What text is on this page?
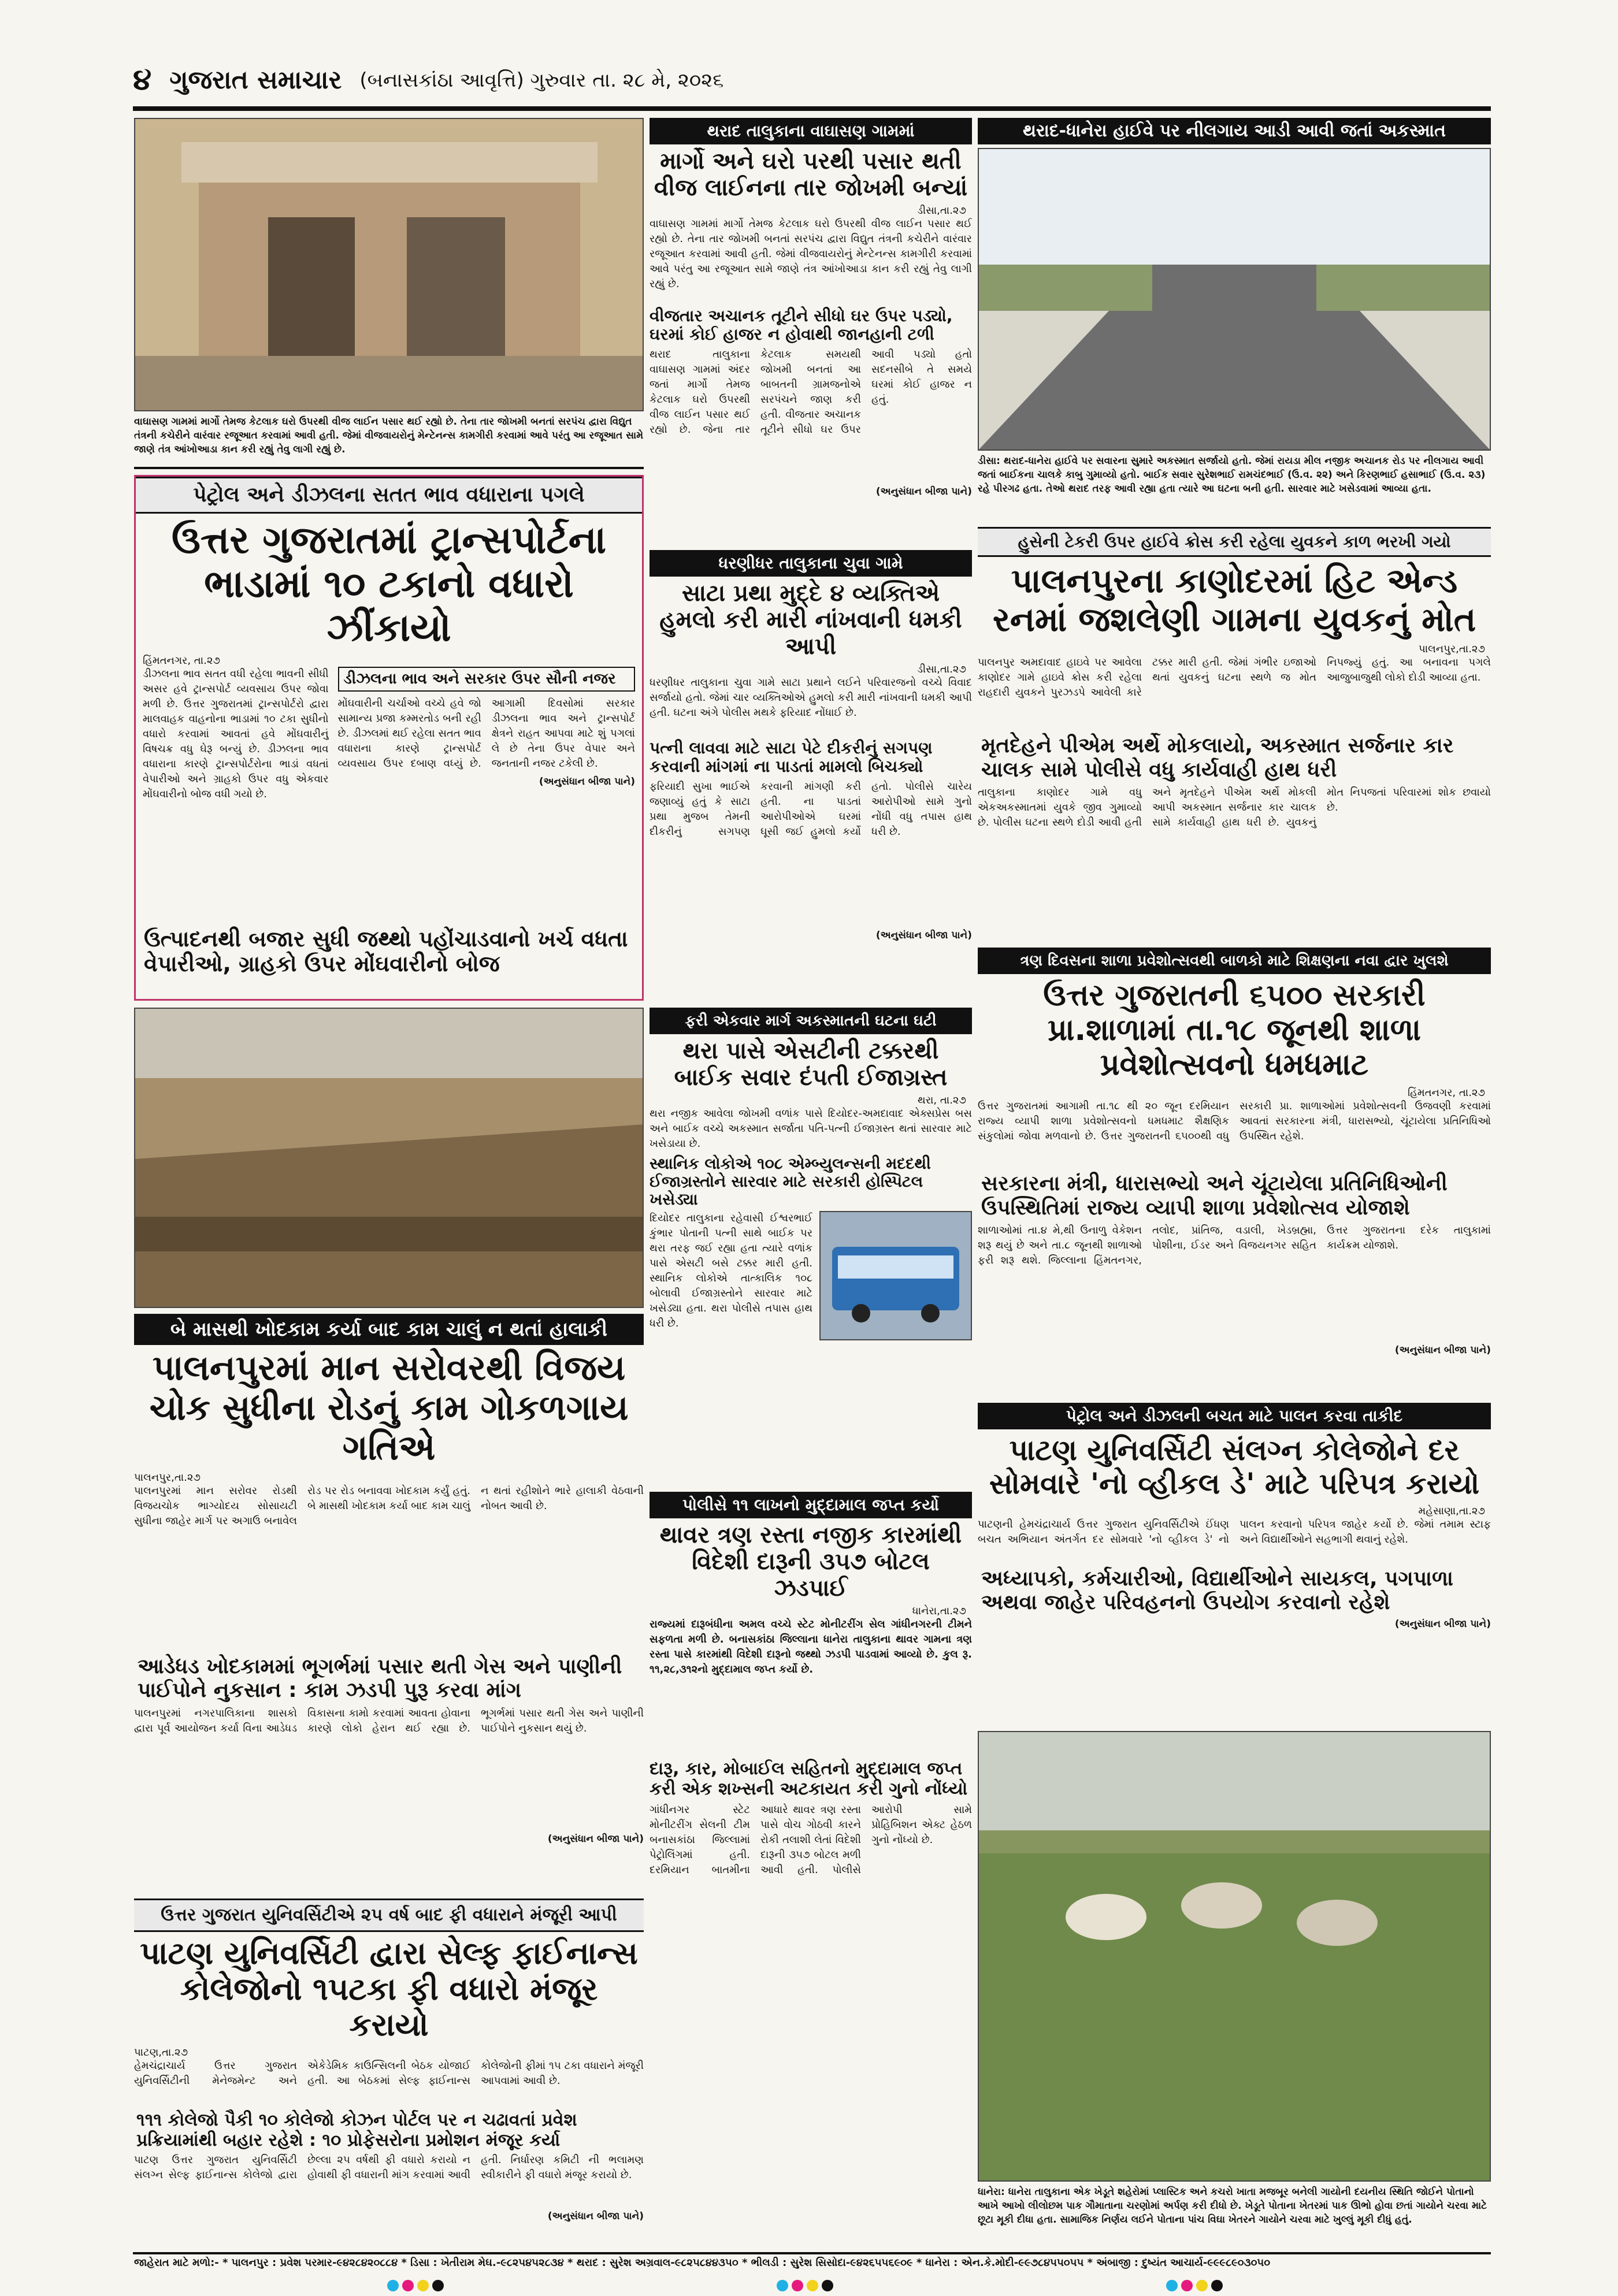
૪ ગુજરાત સમાચાર (બનાસકાંઠા આવૃત્તિ) ગુરુવાર તા. ૨૮ મે, ૨૦૨૬
વાઘાસણ ગામમાં માર્ગો તેમજ કેટલાક ઘરો ઉપરથી વીજ લાઈન પસાર થઈ રહ્યો છે. તેના તાર જોખમી બનતાં સરપંચ દ્વારા વિદ્યુત તંત્રની કચેરીને વારંવાર રજૂઆત કરવામાં આવી હતી. જેમાં વીજવાયરોનું મેન્ટેનન્સ કામગીરી કરવામાં આવે પરંતુ આ રજૂઆત સામે જાણે તંત્ર આંખોઆડા કાન કરી રહ્યું તેવુ લાગી રહ્યું છે.
પેટ્રોલ અને ડીઝલના સતત ભાવ વધારાના પગલે
ઉત્તર ગુજરાતમાં ટ્રાન્સપોર્ટના ભાડામાં ૧૦ ટકાનો વધારો ઝીંકાયો
હિંમતનગર, તા.૨૭
ડીઝલના ભાવ સતત વધી રહેલા ભાવની સીધી અસર હવે ટ્રાન્સપોર્ટ વ્યવસાય ઉપર જોવા મળી છે. ઉત્તર ગુજરાતમાં ટ્રાન્સપોર્ટરો દ્વારા માલવાહક વાહનોના ભાડામાં ૧૦ ટકા સુધીનો વધારો કરવામાં આવતાં હવે મોંઘવારીનું વિષચક્ર વધુ ઘેરૂ બન્યું છે. ડીઝલના ભાવ વધારાના કારણે ટ્રાન્સપોર્ટરોના ભાડાં વધતાં વેપારીઓ અને ગ્રાહકો ઉપર વધુ એકવાર મોંઘવારીનો બોજ વધી ગયો છે.
ડીઝલના ભાવ અને સરકાર ઉપર સૌની નજર
મોંઘવારીની ચર્ચાઓ વચ્ચે હવે જો સામાન્ય પ્રજા કમ્મરતોડ બની રહી છે. ડીઝલમાં થઈ રહેલા સતત ભાવ વધારાના કારણે ટ્રાન્સપોર્ટ વ્યવસાય ઉપર દબાણ વધ્યું છે. આગામી દિવસોમાં સરકાર ડીઝલના ભાવ અને ટ્રાન્સપોર્ટ ક્ષેત્રને રાહત આપવા માટે શું પગલાં લે છે તેના ઉપર વેપાર અને જનતાની નજર ટકેલી છે.
(અનુસંધાન બીજા પાને)
ઉત્પાદનથી બજાર સુધી જથ્થો પહોંચાડવાનો ખર્ચ વધતા વેપારીઓ, ગ્રાહકો ઉપર મોંઘવારીનો બોજ
બે માસથી ખોદકામ કર્યા બાદ કામ ચાલું ન થતાં હાલાકી
પાલનપુરમાં માન સરોવરથી વિજય ચોક સુધીના રોડનું કામ ગોકળગાય ગતિએ
પાલનપુર,તા.૨૭
પાલનપુરમાં માન સરોવર રોડથી વિજયચોક ભાગ્યોદય સોસાયટી સુધીના જાહેર માર્ગ પર અગાઉ બનાવેલ રોડ પર રોડ બનાવવા ખોદકામ કર્યું હતું. બે માસથી ખોદકામ કર્યા બાદ કામ ચાલું ન થતાં રહીશોને ભારે હાલાકી વેઠવાની નોબત આવી છે.
આડેધડ ખોદકામમાં ભૂગર્ભમાં પસાર થતી ગેસ અને પાણીની પાઈપોને નુકસાન : કામ ઝડપી પુરૂ કરવા માંગ
પાલનપુરમાં નગરપાલિકાના શાસકો દ્વારા પૂર્વ આયોજન કર્યા વિના આડેધડ વિકાસના કામો કરવામાં આવતા હોવાના કારણે લોકો હેરાન થઈ રહ્યા છે. ભૂગર્ભમાં પસાર થતી ગેસ અને પાણીની પાઈપોને નુકસાન થયું છે.
(અનુસંધાન બીજા પાને)
ઉત્તર ગુજરાત યુનિવર્સિટીએ ૨૫ વર્ષ બાદ ફી વધારાને મંજૂરી આપી
પાટણ યુનિવર્સિટી દ્વારા સેલ્ફ ફાઈનાન્સ કોલેજોનો ૧૫ટકા ફી વધારો મંજૂર કરાયો
પાટણ,તા.૨૭
હેમચંદ્રાચાર્ય ઉત્તર ગુજરાત યુનિવર્સિટીની મેનેજમેન્ટ અને એકેડેમિક કાઉન્સિલની બેઠક યોજાઈ હતી. આ બેઠકમાં સેલ્ફ ફાઈનાન્સ કોલેજોની ફીમાં ૧૫ ટકા વધારાને મંજૂરી આપવામાં આવી છે.
૧૧૧ કોલેજો પૈકી ૧૦ કોલેજો કોઝન પોર્ટલ પર ન ચઢાવતાં પ્રવેશ પ્રક્રિયામાંથી બહાર રહેશે : ૧૦ પ્રોફેસરોના પ્રમોશન મંજૂર કર્યા
પાટણ ઉત્તર ગુજરાત યુનિવર્સિટી સંલગ્ન સેલ્ફ ફાઈનાન્સ કોલેજો દ્વારા છેલ્લા ૨૫ વર્ષથી ફી વધારો કરાયો ન હોવાથી ફી વધારાની માંગ કરવામાં આવી હતી. નિર્ધારણ કમિટી ની ભલામણ સ્વીકારીને ફી વધારો મંજૂર કરાયો છે.
(અનુસંધાન બીજા પાને)
થરાદ તાલુકાના વાઘાસણ ગામમાં
માર્ગો અને ઘરો પરથી પસાર થતી વીજ લાઈનના તાર જોખમી બન્યાં
ડીસા,તા.૨૭
વાઘાસણ ગામમાં માર્ગો તેમજ કેટલાક ઘરો ઉપરથી વીજ લાઈન પસાર થઈ રહ્યો છે. તેના તાર જોખમી બનતાં સરપંચ દ્વારા વિદ્યુત તંત્રની કચેરીને વારંવાર રજૂઆત કરવામાં આવી હતી. જેમાં વીજવાયરોનું મેન્ટેનન્સ કામગીરી કરવામાં આવે પરંતુ આ રજૂઆત સામે જાણે તંત્ર આંખોઆડા કાન કરી રહ્યું તેવુ લાગી રહ્યું છે.
વીજતાર અચાનક તૂટીને સીધો ઘર ઉપર પડ્યો, ઘરમાં કોઈ હાજર ન હોવાથી જાનહાની ટળી
થરાદ તાલુકાના વાઘાસણ ગામમાં અંદર જતાં માર્ગો તેમજ કેટલાક ઘરો ઉપરથી વીજ લાઈન પસાર થઈ રહ્યો છે. જેના તાર કેટલાક સમયથી જોખમી બનતાં આ બાબતની ગ્રામજનોએ સરપંચને જાણ કરી હતી. વીજતાર અચાનક તૂટીને સીધો ઘર ઉપર આવી પડ્યો હતો સદનસીબે તે સમયે ઘરમાં કોઈ હાજર ન હતું.
(અનુસંધાન બીજા પાને)
ધરણીધર તાલુકાના ચુવા ગામે
સાટા પ્રથા મુદ્દે ૪ વ્યક્તિએ હુમલો કરી મારી નાંખવાની ધમકી આપી
ડીસા,તા.૨૭
ધરણીધર તાલુકાના ચુવા ગામે સાટા પ્રથાને લઈને પરિવારજનો વચ્ચે વિવાદ સર્જાયો હતો. જેમાં ચાર વ્યક્તિઓએ હુમલો કરી મારી નાંખવાની ધમકી આપી હતી. ઘટના અંગે પોલીસ મથકે ફરિયાદ નોંધાઈ છે.
પત્ની લાવવા માટે સાટા પેટે દીકરીનું સગપણ કરવાની માંગમાં ના પાડતાં મામલો બિચક્યો
ફરિયાદી સુખા ભાઈએ જણાવ્યું હતું કે સાટા પ્રથા મુજબ તેમની દીકરીનું સગપણ કરવાની માંગણી કરી હતી. ના પાડતાં આરોપીઓએ ઘરમાં ઘૂસી જઈ હુમલો કર્યો હતો. પોલીસે ચારેય આરોપીઓ સામે ગુનો નોંધી વધુ તપાસ હાથ ધરી છે.
(અનુસંધાન બીજા પાને)
ફરી એકવાર માર્ગ અકસ્માતની ઘટના ઘટી
થરા પાસે એસટીની ટક્કરથી બાઈક સવાર દંપતી ઈજાગ્રસ્ત
થરા, તા.૨૭
થરા નજીક આવેલા જોખમી વળાંક પાસે દિયોદર-અમદાવાદ એક્સપ્રેસ બસ અને બાઈક વચ્ચે અકસ્માત સર્જાતા પતિ-પત્ની ઈજાગ્રસ્ત થતાં સારવાર માટે ખસેડાયા છે.
સ્થાનિક લોકોએ ૧૦૮ એમ્બ્યુલન્સની મદદથી ઈજાગ્રસ્તોને સારવાર માટે સરકારી હોસ્પિટલ ખસેડ્યા
દિયોદર તાલુકાના રહેવાસી ઈશ્વરભાઈ કુંભાર પોતાની પત્ની સાથે બાઈક પર થરા તરફ જઈ રહ્યા હતા ત્યારે વળાંક પાસે એસટી બસે ટક્કર મારી હતી. સ્થાનિક લોકોએ તાત્કાલિક ૧૦૮ બોલાવી ઈજાગ્રસ્તોને સારવાર માટે ખસેડ્યા હતા. થરા પોલીસે તપાસ હાથ ધરી છે.
પોલીસે ૧૧ લાખનો મુદ્દામાલ જપ્ત કર્યો
થાવર ત્રણ રસ્તા નજીક કારમાંથી વિદેશી દારૂની ૩૫૭ બોટલ ઝડપાઈ
ધાનેરા,તા.૨૭
રાજ્યમાં દારૂબંધીના અમલ વચ્ચે સ્ટેટ મોનીટરીંગ સેલ ગાંધીનગરની ટીમને સફળતા મળી છે. બનાસકાંઠા જિલ્લાના ધાનેરા તાલુકાના થાવર ગામના ત્રણ રસ્તા પાસે કારમાંથી વિદેશી દારૂનો જથ્થો ઝડપી પાડવામાં આવ્યો છે. કુલ રૂ. ૧૧,૨૮,૩૧૨નો મુદ્દામાલ જપ્ત કર્યો છે.
દારૂ, કાર, મોબાઈલ સહિતનો મુદ્દામાલ જપ્ત કરી એક શખ્સની અટકાયત કરી ગુનો નોંધ્યો
ગાંધીનગર સ્ટેટ મોનીટરીંગ સેલની ટીમ બનાસકાંઠા જિલ્લામાં પેટ્રોલિંગમાં હતી. દરમિયાન બાતમીના આધારે થાવર ત્રણ રસ્તા પાસે વોચ ગોઠવી કારને રોકી તલાશી લેતાં વિદેશી દારૂની ૩૫૭ બોટલ મળી આવી હતી. પોલીસે આરોપી સામે પ્રોહિબિશન એક્ટ હેઠળ ગુનો નોંધ્યો છે.
થરાદ-ધાનેરા હાઈવે પર નીલગાય આડી આવી જતાં અકસ્માત
ડીસા: થરાદ-ધાનેરા હાઈવે પર સવારના સુમારે અકસ્માત સર્જાયો હતો. જેમાં રાયડા મીલ નજીક અચાનક રોડ પર નીલગાય આવી જતાં બાઈકના ચાલકે કાબુ ગુમાવ્યો હતો. બાઈક સવાર સુરેશભાઈ રામચંદભાઈ (ઉ.વ. ૨૨) અને કિરણભાઈ હસાભાઈ (ઉ.વ. ૨૩) રહે પીરગઢ હતા. તેઓ થરાદ તરફ આવી રહ્યા હતા ત્યારે આ ઘટના બની હતી. સારવાર માટે ખસેડવામાં આવ્યા હતા.
હુસેની ટેકરી ઉપર હાઈવે ક્રોસ કરી રહેલા યુવકને કાળ ભરખી ગયો
પાલનપુરના કાણોદરમાં હિટ એન્ડ રનમાં જશલેણી ગામના યુવકનું મોત
પાલનપુર,તા.૨૭
પાલનપુર અમદાવાદ હાઇવે પર આવેલા કાણોદર ગામે હાઇવે ક્રોસ કરી રહેલા રાહદારી યુવકને પુરઝડપે આવેલી કારે ટક્કર મારી હતી. જેમાં ગંભીર ઇજાઓ થતાં યુવકનું ઘટના સ્થળે જ મોત નિપજ્યું હતું. આ બનાવના પગલે આજુબાજુથી લોકો દોડી આવ્યા હતા.
મૃતદેહને પીએમ અર્થે મોકલાયો, અકસ્માત સર્જનાર કાર ચાલક સામે પોલીસે વધુ કાર્યવાહી હાથ ધરી
તાલુકાના કાણોદર ગામે વધુ એકઅકસ્માતમાં યુવકે જીવ ગુમાવ્યો છે. પોલીસ ઘટના સ્થળે દોડી આવી હતી અને મૃતદેહને પીએમ અર્થે મોકલી આપી અકસ્માત સર્જનાર કાર ચાલક સામે કાર્યવાહી હાથ ધરી છે. યુવકનું મોત નિપજતાં પરિવારમાં શોક છવાયો છે.
ત્રણ દિવસના શાળા પ્રવેશોત્સવથી બાળકો માટે શિક્ષણના નવા દ્વાર ખુલશે
ઉત્તર ગુજરાતની ૬૫૦૦ સરકારી પ્રા.શાળામાં તા.૧૮ જૂનથી શાળા પ્રવેશોત્સવનો ધમધમાટ
હિંમતનગર, તા.૨૭
ઉત્તર ગુજરાતમાં આગામી તા.૧૮ થી ૨૦ જૂન દરમિયાન રાજ્ય વ્યાપી શાળા પ્રવેશોત્સવનો ધમધમાટ શૈક્ષણિક સંકુલોમાં જોવા મળવાનો છે. ઉત્તર ગુજરાતની ૬૫૦૦થી વધુ સરકારી પ્રા. શાળાઓમાં પ્રવેશોત્સવની ઉજવણી કરવામાં આવતાં સરકારના મંત્રી, ધારાસભ્યો, ચૂંટાયેલા પ્રતિનિધિઓ ઉપસ્થિત રહેશે.
સરકારના મંત્રી, ધારાસભ્યો અને ચૂંટાયેલા પ્રતિનિધિઓની ઉપસ્થિતિમાં રાજ્ય વ્યાપી શાળા પ્રવેશોત્સવ યોજાશે
શાળાઓમાં તા.૪ મે,થી ઉનાળુ વેકેશન શરૂ થયું છે અને તા.૮ જૂનથી શાળાઓ ફરી શરૂ થશે. જિલ્લાના હિંમતનગર, તલોદ, પ્રાંતિજ, વડાલી, ખેડબ્રહ્મા, પોશીના, ઈડર અને વિજયનગર સહિત ઉત્તર ગુજરાતના દરેક તાલુકામાં કાર્યક્રમ યોજાશે.
(અનુસંધાન બીજા પાને)
પેટ્રોલ અને ડીઝલની બચત માટે પાલન કરવા તાકીદ
પાટણ યુનિવર્સિટી સંલગ્ન કોલેજોને દર સોમવારે 'નો વ્હીકલ ડે' માટે પરિપત્ર કરાયો
મહેસાણા,તા.૨૭
પાટણની હેમચંદ્રાચાર્ય ઉત્તર ગુજરાત યુનિવર્સિટીએ ઈંધણ બચત અભિયાન અંતર્ગત દર સોમવારે 'નો વ્હીકલ ડે' નો પાલન કરવાનો પરિપત્ર જાહેર કર્યો છે. જેમાં તમામ સ્ટાફ અને વિદ્યાર્થીઓને સહભાગી થવાનું રહેશે.
અધ્યાપકો, કર્મચારીઓ, વિદ્યાર્થીઓને સાયકલ, પગપાળા અથવા જાહેર પરિવહનનો ઉપયોગ કરવાનો રહેશે
(અનુસંધાન બીજા પાને)
ધાનેરા: ધાનેરા તાલુકાના એક ખેડૂતે શહેરોમાં પ્લાસ્ટિક અને કચરો ખાતા મજબૂર બનેલી ગાયોની દયનીય સ્થિતિ જોઈને પોતાનો આખે આખો લીલોછમ પાક ગૌમાતાના ચરણોમાં અર્પણ કરી દીધો છે. ખેડૂતે પોતાના ખેતરમાં પાક ઊભો હોવા છતાં ગાયોને ચરવા માટે છૂટા મૂકી દીધા હતા. સામાજિક નિર્ણય લઈને પોતાના પાંચ વિઘા ખેતરને ગાયોને ચરવા માટે ખુલ્લું મૂકી દીધું હતું.
જાહેરાત માટે મળો:- * પાલનપુર : પ્રવેશ પરમાર-૯૪૨૮૪૨૦૮૮૪ * ડિસા : ખેતીરામ મેઘ.-૯૮૨૫૪૫૨૮૩૪ * થરાદ : સુરેશ અગ્રવાલ-૯૮૨૫૮૪૪૩૫૦ * ભીલડી : સુરેશ સિસોદા-૯૪૨૬૫૫૬૯૦૯ * ધાનેરા : એન.કે.મોદી-૯૯૭૮૪૫૫૦૫૫ * અંબાજી : દુષ્યંત આચાર્ય-૯૯૯૮૯૦૩૦૫૦
